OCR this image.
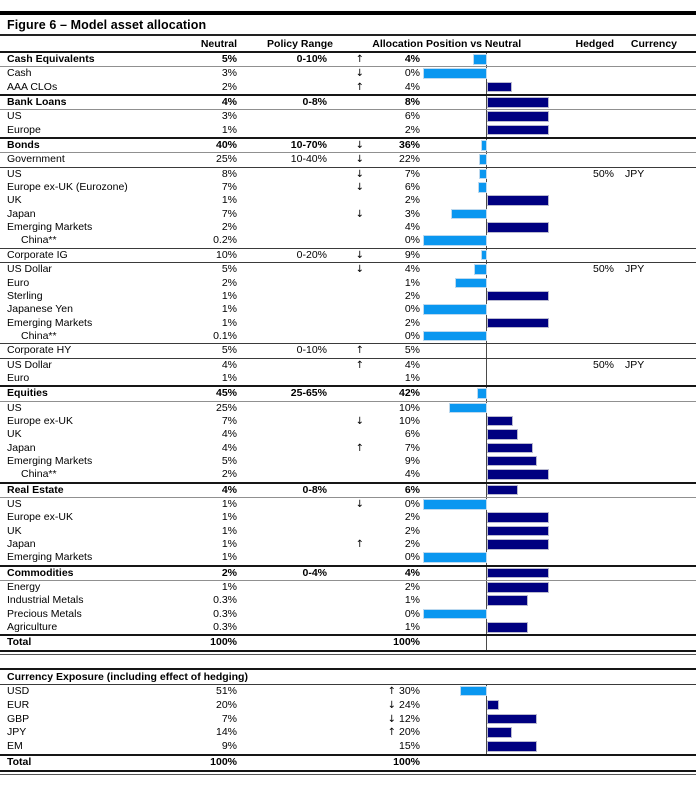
Figure 6 – Model asset allocation
Neutral	Policy Range	Allocation Position vs Neutral	Hedged	Currency
Cash Equivalents	5%	0-10%	↑	4%
Cash	3%	↓	0%
AAA CLOs	2%	↑	4%
Bank Loans	4%	0-8%	8%
US	3%	6%
Europe	1%	2%
Bonds	40%	10-70%	↓	36%
Government	25%	10-40%	↓	22%
US	8%	↓	7%	50%	JPY
Europe ex-UK (Eurozone)	7%	↓	6%
UK	1%	2%
Japan	7%	↓	3%
Emerging Markets	2%	4%
China**	0.2%	0%
Corporate IG	10%	0-20%	↓	9%
US Dollar	5%	↓	4%	50%	JPY
Euro	2%	1%
Sterling	1%	2%
Japanese Yen	1%	0%
Emerging Markets	1%	2%
China**	0.1%	0%
Corporate HY	5%	0-10%	↑	5%
US Dollar	4%	↑	4%	50%	JPY
Euro	1%	1%
Equities	45%	25-65%	42%
US	25%	10%
Europe ex-UK	7%	↓	10%
UK	4%	6%
Japan	4%	↑	7%
Emerging Markets	5%	9%
China**	2%	4%
Real Estate	4%	0-8%	6%
US	1%	↓	0%
Europe ex-UK	1%	2%
UK	1%	2%
Japan	1%	↑	2%
Emerging Markets	1%	0%
Commodities	2%	0-4%	4%
Energy	1%	2%
Industrial Metals	0.3%	1%
Precious Metals	0.3%	0%
Agriculture	0.3%	1%
Total	100%	100%
Currency Exposure (including effect of hedging)
USD	51%	↑ 30%
EUR	20%	↓ 24%
GBP	7%	↓ 12%
JPY	14%	↑ 20%
EM	9%	15%
Total	100%	100%
